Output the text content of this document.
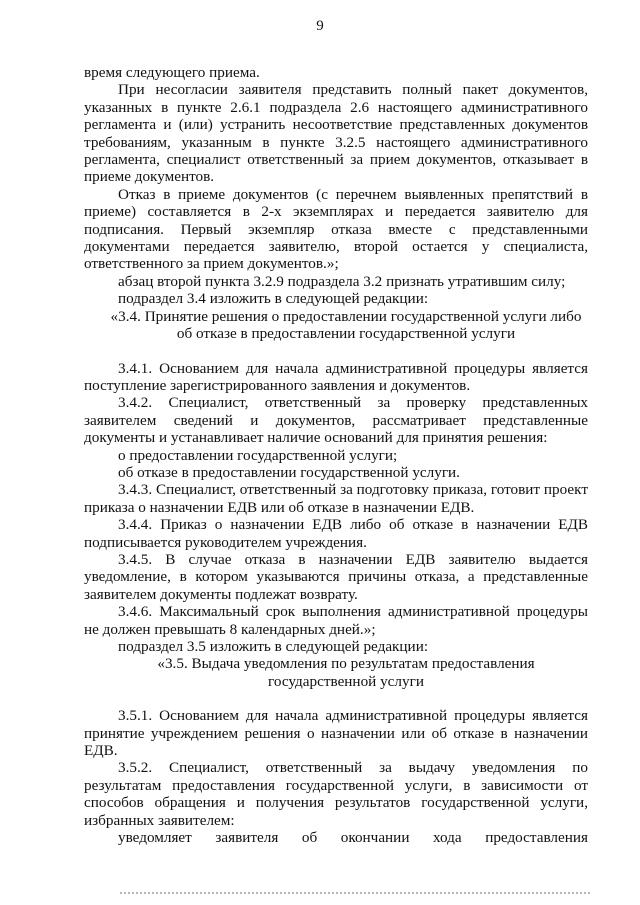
9

время следующего приема.

При несогласии заявителя представить полный пакет документов, указанных в пункте 2.6.1 подраздела 2.6 настоящего административного регламента и (или) устранить несоответствие представленных документов требованиям, указанным в пункте 3.2.5 настоящего административного регламента, специалист ответственный за прием документов, отказывает в приеме документов.

Отказ в приеме документов (с перечнем выявленных препятствий в приеме) составляется в 2-х экземплярах и передается заявителю для подписания. Первый экземпляр отказа вместе с представленными документами передается заявителю, второй остается у специалиста, ответственного за прием документов.»;

абзац второй пункта 3.2.9 подраздела 3.2 признать утратившим силу;

подраздел 3.4 изложить в следующей редакции:

«3.4. Принятие решения о предоставлении государственной услуги либо об отказе в предоставлении государственной услуги

3.4.1. Основанием для начала административной процедуры является поступление зарегистрированного заявления и документов.

3.4.2. Специалист, ответственный за проверку представленных заявителем сведений и документов, рассматривает представленные документы и устанавливает наличие оснований для принятия решения:

о предоставлении государственной услуги;

об отказе в предоставлении государственной услуги.

3.4.3. Специалист, ответственный за подготовку приказа, готовит проект приказа о назначении ЕДВ или об отказе в назначении ЕДВ.

3.4.4. Приказ о назначении ЕДВ либо об отказе в назначении ЕДВ подписывается руководителем учреждения.

3.4.5. В случае отказа в назначении ЕДВ заявителю выдается уведомление, в котором указываются причины отказа, а представленные заявителем документы подлежат возврату.

3.4.6. Максимальный срок выполнения административной процедуры не должен превышать 8 календарных дней.»;

подраздел 3.5 изложить в следующей редакции:

«3.5. Выдача уведомления по результатам предоставления государственной услуги

3.5.1. Основанием для начала административной процедуры является принятие учреждением решения о назначении или об отказе в назначении ЕДВ.

3.5.2. Специалист, ответственный за выдачу уведомления по результатам предоставления государственной услуги, в зависимости от способов обращения и получения результатов государственной услуги, избранных заявителем:

уведомляет заявителя об окончании хода предоставления
